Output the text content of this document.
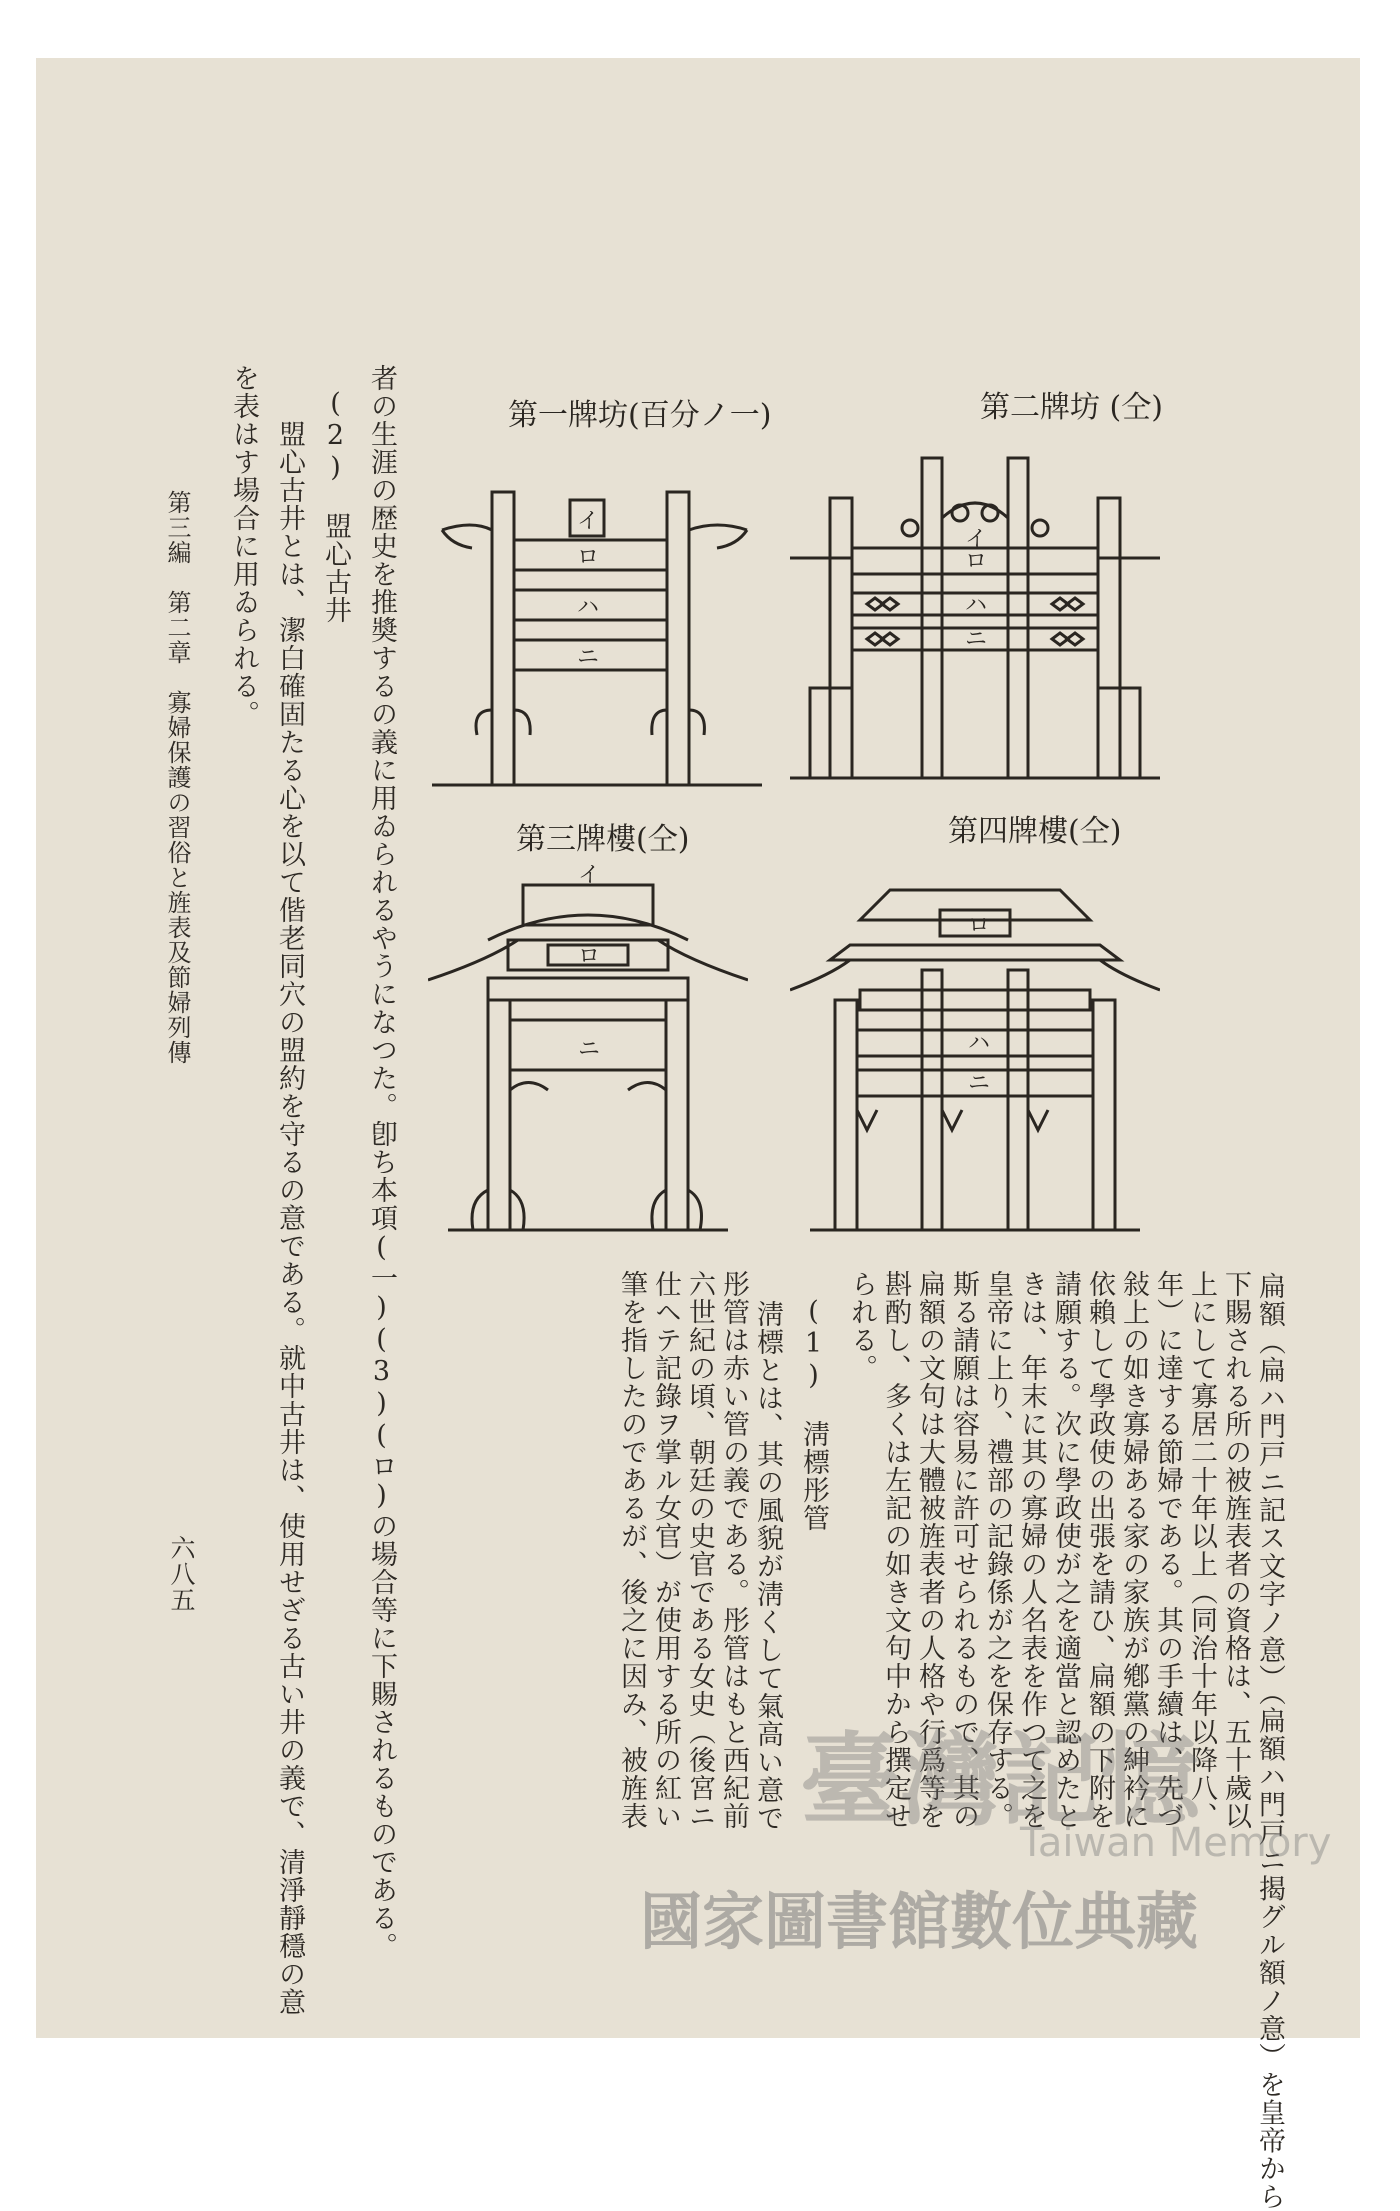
者の生涯の歴史を推奬するの義に用ゐられるやうになつた。卽ち本項(一)(3)(ロ)の場合等に下賜されるものである。
(2)　盟心古井
盟心古井とは、潔白確固たる心を以て偕老同穴の盟約を守るの意である。就中古井は、使用せざる古い井の義で、清淨靜穩の意
を表はす場合に用ゐられる。
第三編　第二章　寡婦保護の習俗と旌表及節婦列傳
六八五
第一牌坊(百分ノ一)	第二牌坊 (仝)
第三牌樓(仝)	第四牌樓(仝)
イ
ロ
ハ
ニ
イ
ロ
ハ
ニ
イ
ロ
ニ
ロ
ハ
ニ
扁額（扁ハ門戸ニ記ス文字ノ意）（扁額ハ門戸ニ揭グル額ノ意）を皇帝から
下賜される所の被旌表者の資格は、五十歲以
上にして寡居二十年以上（同治十年以降八、
年）に達する節婦である。其の手續は、先づ
敍上の如き寡婦ある家の家族が鄕黨の紳衿に
依賴して學政使の出張を請ひ、扁額の下附を
請願する。次に學政使が之を適當と認めたと
きは、年末に其の寡婦の人名表を作つて之を
皇帝に上り、禮部の記錄係が之を保存する。
斯る請願は容易に許可せられるもので、其の
扁額の文句は大體被旌表者の人格や行爲等を
斟酌し、多くは左記の如き文句中から撰定せ
られる。
(1)　淸標彤管
淸標とは、其の風貌が淸くして氣高い意で
彤管は赤い管の義である。彤管はもと西紀前
六世紀の頃、朝廷の史官である女史（後宮ニ
仕ヘテ記錄ヲ掌ル女官）が使用する所の紅い
筆を指したのであるが、後之に因み、被旌表 臺灣記憶
Taiwan Memory
國家圖書館數位典藏
